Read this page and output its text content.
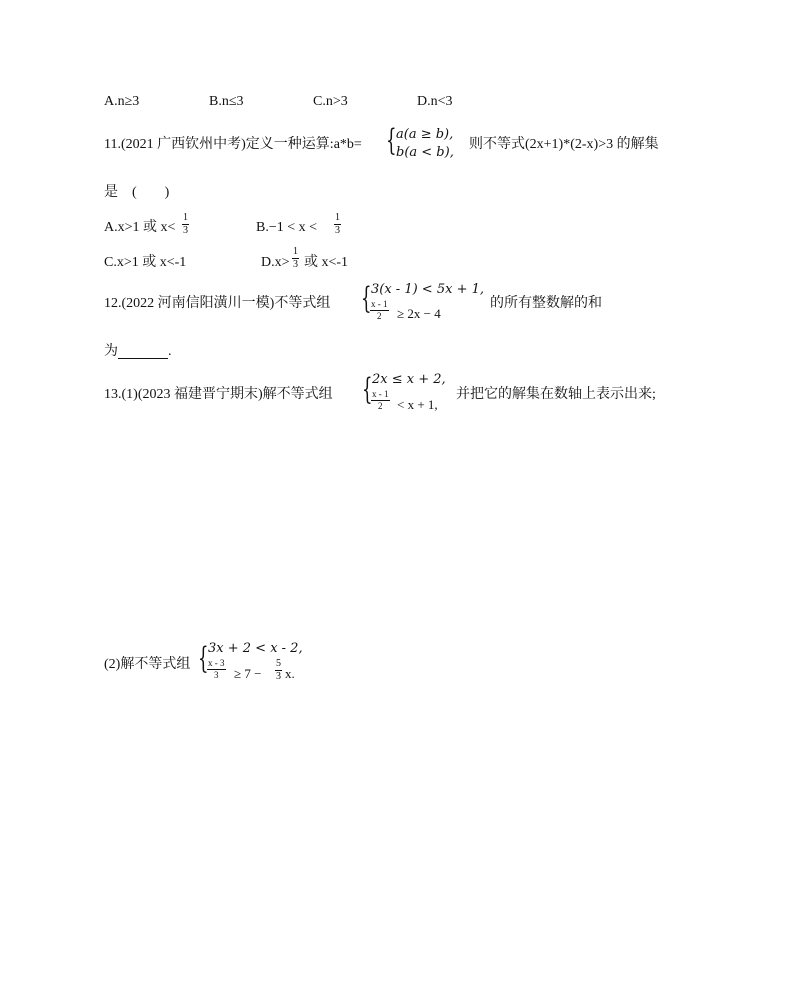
A.n≥3	B.n≤3	C.n>3	D.n<3
11.(2021 广西钦州中考)定义一种运算:a*b= { a(a ≥ b),
b(a < b),
则不等式(2x+1)*(2-x)>3 的解集
是　(　　)
A.x>1 或 $x< \frac{1}{3}$	$B.-1 < x < \frac{1}{3}$
C.x>1 或 x<-1	$D.x> \frac{1}{3}$ 或 x<-1
12.(2022 河南信阳潢川一模)不等式组 { 3(x - 1) < 5x + 1,
$\frac{x - 1}{2} \ge 2x - 4$
的所有整数解的和
为	.
13.(1)(2023 福建晋宁期末)解不等式组 { 2x ≤ x + 2,
$\frac{x - 1}{2} < x + 1$,
并把它的解集在数轴上表示出来;
(2)解不等式组 { 3x + 2 < x - 2,
$\frac{x - 3}{3} \ge 7 - \frac{5}{3} x$.
